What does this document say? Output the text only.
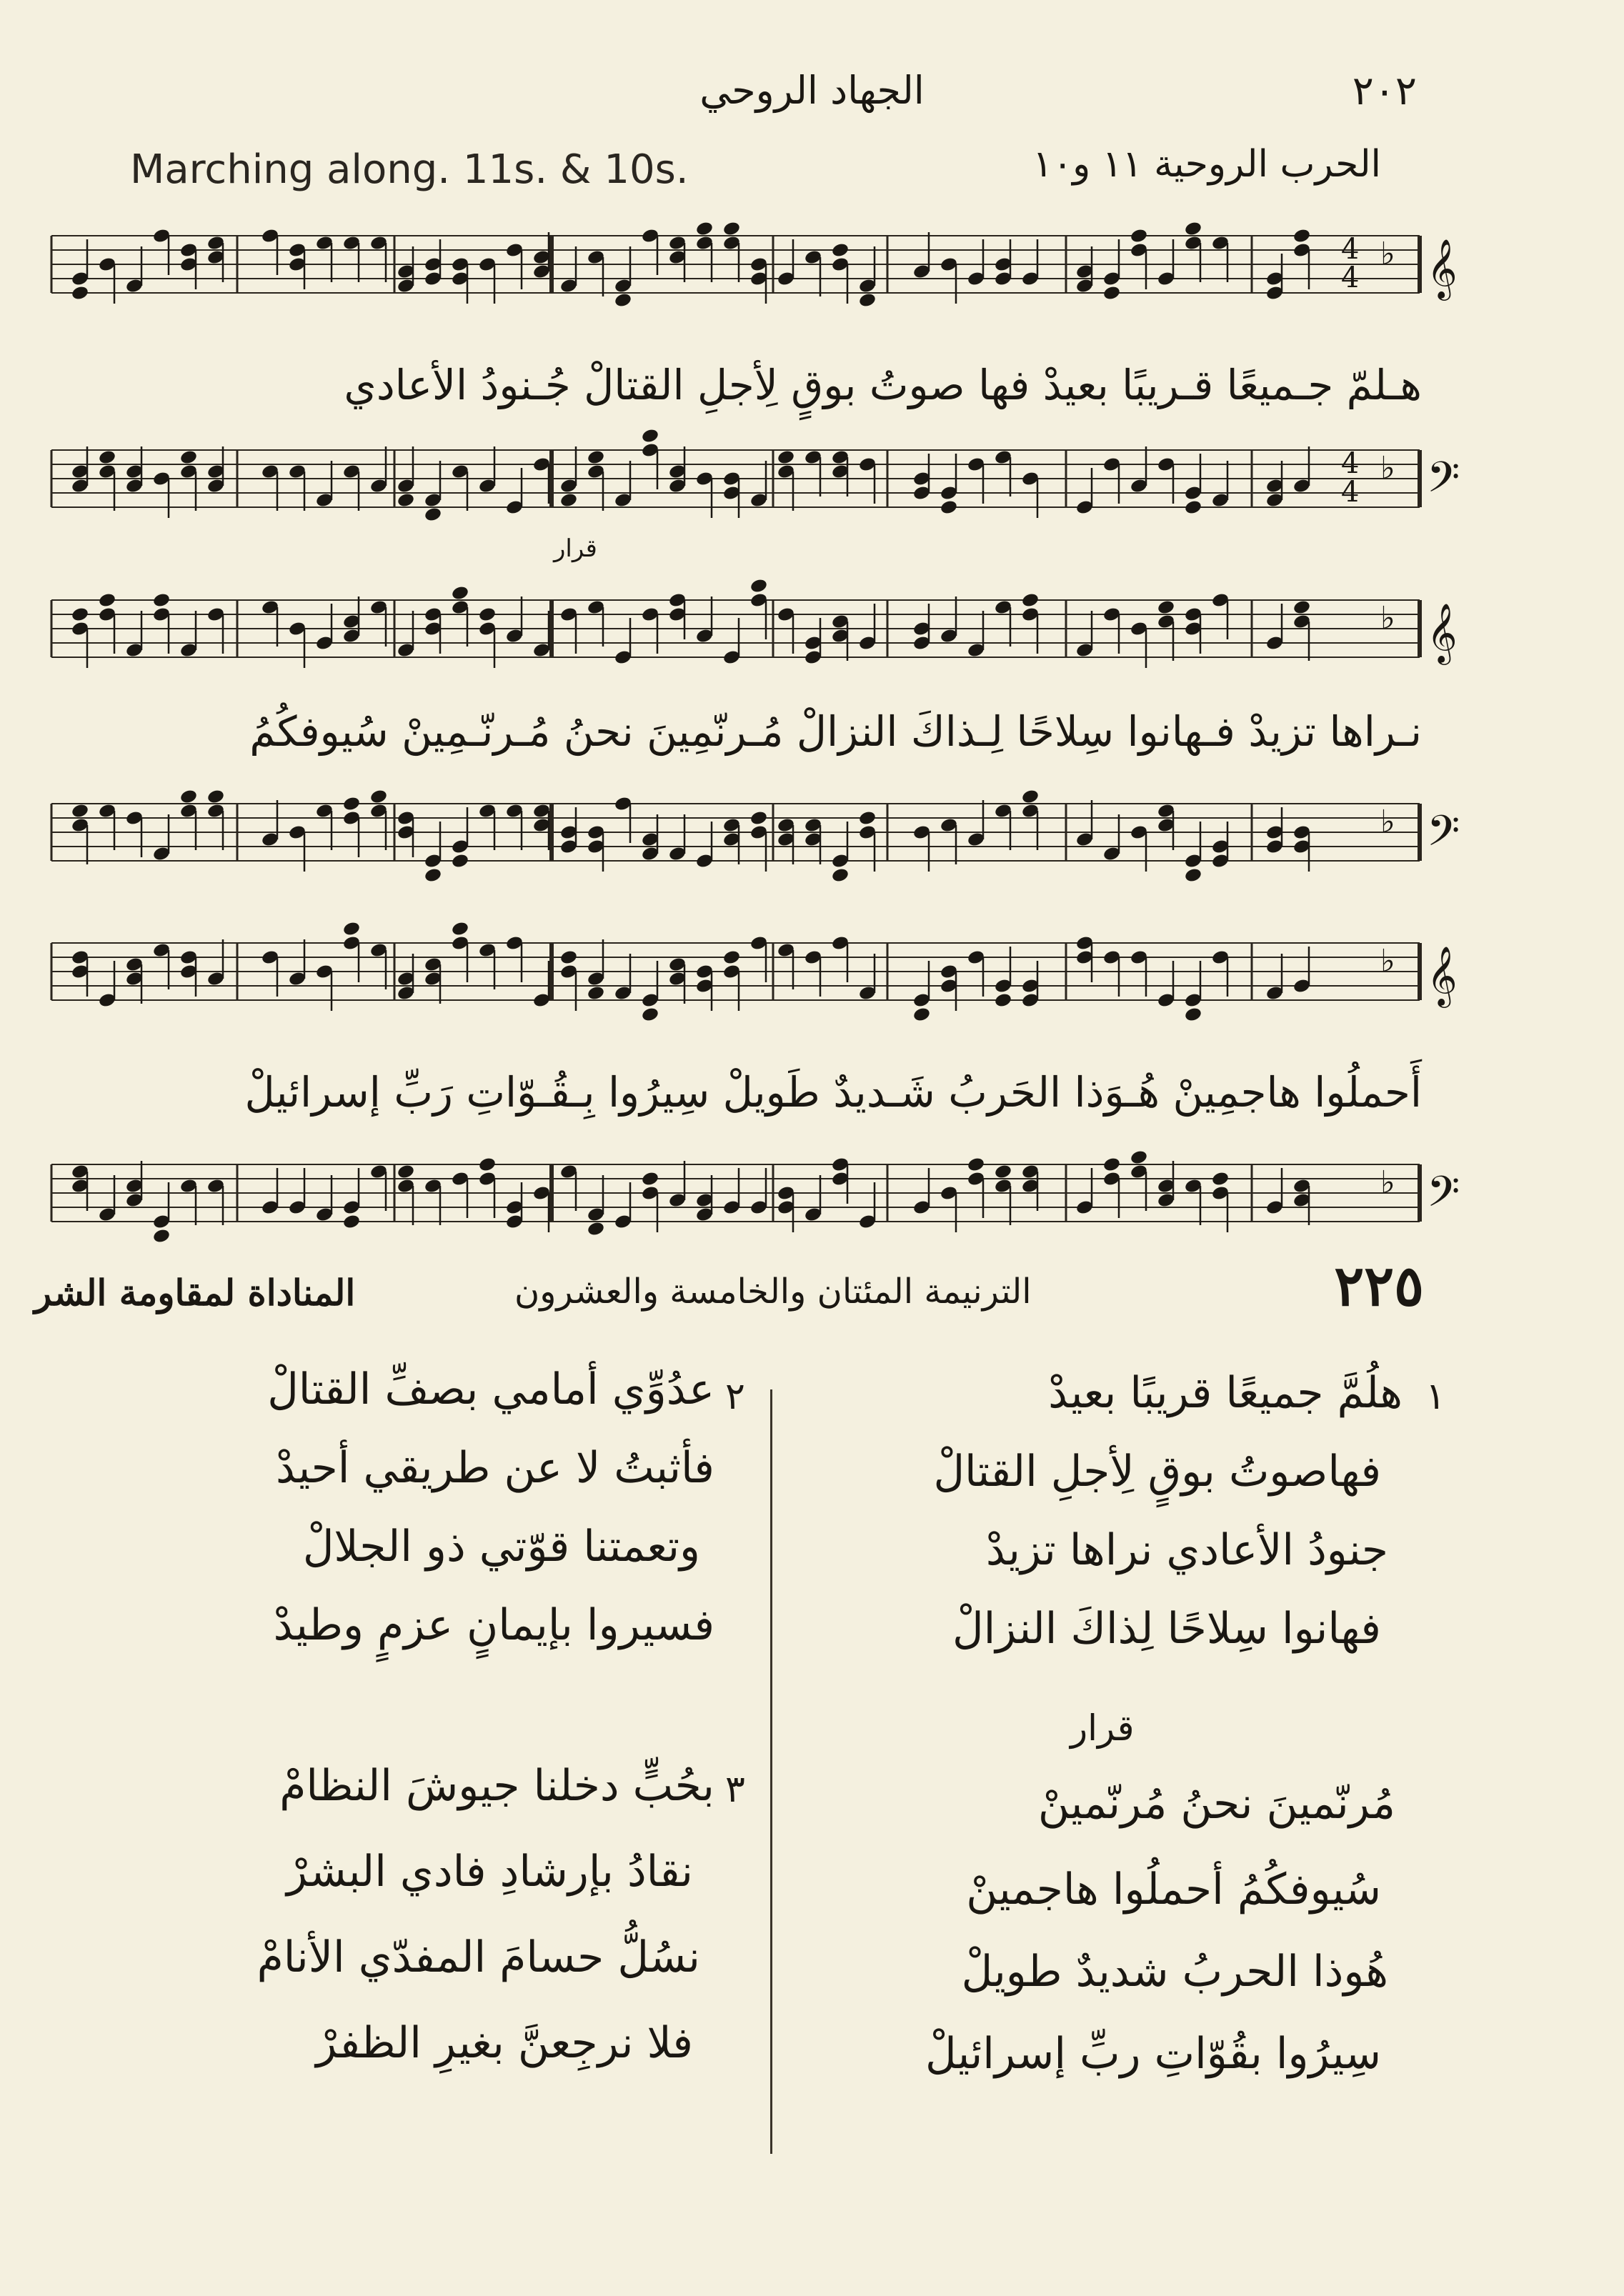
الجهاد الروحي	٢٠٢
Marching along. 11s. & 10s.	الحرب الروحية ١١ و١٠
𝄞
♭
4
4
هـلمّ جـميعًا قـريبًا بعيدْ فها صوتُ بوقٍ لِأجلِ القتالْ جُـنودُ الأعادي
𝄢
♭
4
4
قرار
𝄞
♭
نـراها تزيدْ فـهانوا سِلاحًا لِـذاكَ النزالْ مُـرنّمِينَ نحنُ مُـرنّـمِينْ سُيوفكُمُ
𝄢
♭
𝄞
♭
أَحملُوا هاجمِينْ هُـوَذا الحَربُ شَـديدٌ طَويلْ سِيرُوا بِـقُـوّاتِ رَبِّ إسرائيلْ
𝄢
♭
٢٢٥
الترنيمة المئتان والخامسة والعشرون
المناداة لمقاومة الشر
١
هلُمَّ جميعًا قريبًا بعيدْ
فهاصوتُ بوقٍ لِأجلِ القتالْ
جنودُ الأعادي نراها تزيدْ
فهانوا سِلاحًا لِذاكَ النزالْ
قرار
مُرنّمينَ نحنُ مُرنّمينْ
سُيوفكُمُ أحملُوا هاجمينْ
هُوذا الحربُ شديدٌ طويلْ
سِيرُوا بقُوّاتِ ربِّ إسرائيلْ
٢
عدُوِّي أمامي بصفِّ القتالْ
فأثبتُ لا عن طريقي أحيدْ
وتعمتنا قوّتي ذو الجلالْ
فسيروا بإيمانٍ عزمٍ وطيدْ
٣
بحُبٍّ دخلنا جيوشَ النظامْ
نقادُ بإرشادِ فادي البشرْ
نسُلُّ حسامَ المفدّي الأنامْ
فلا نرجِعنَّ بغيرِ الظفرْ
